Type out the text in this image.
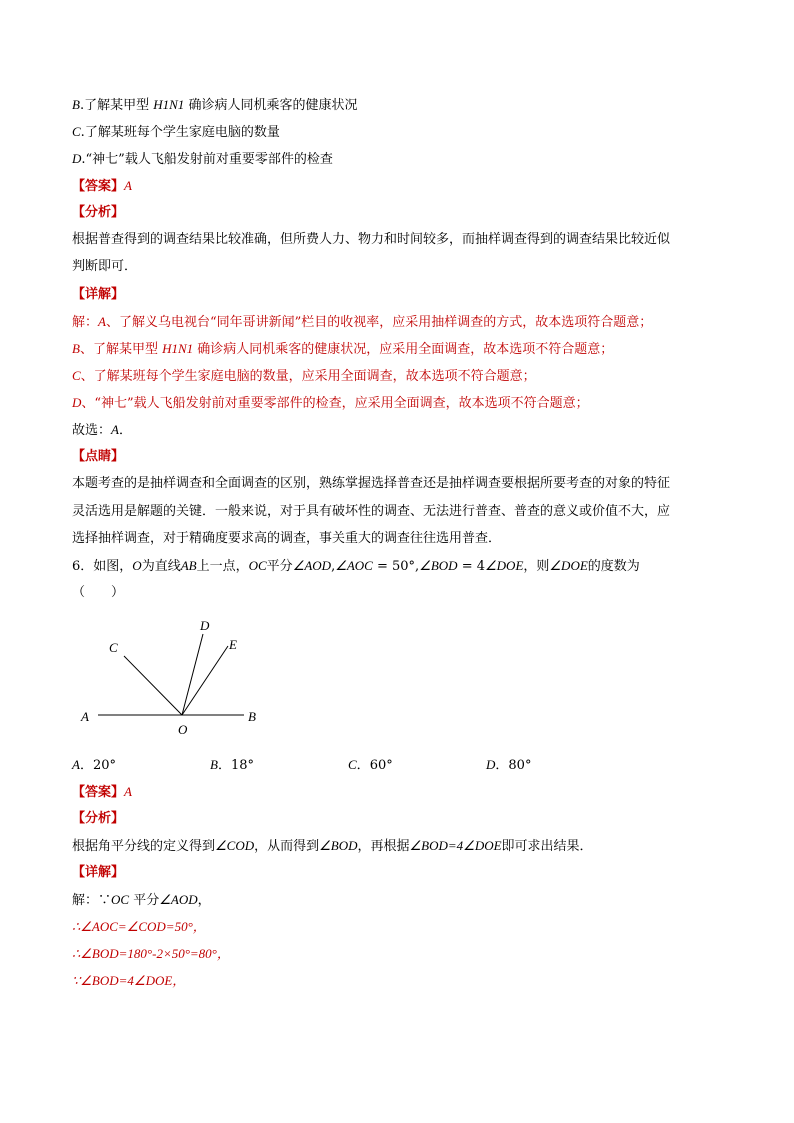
B.了解某甲型 H1N1 确诊病人同机乘客的健康状况
C.了解某班每个学生家庭电脑的数量
D.“神七”载人飞船发射前对重要零部件的检查
【答案】A
【分析】
根据普查得到的调查结果比较准确，但所费人力、物力和时间较多，而抽样调查得到的调查结果比较近似
判断即可．
【详解】
解：A、了解义乌电视台“同年哥讲新闻”栏目的收视率，应采用抽样调查的方式，故本选项符合题意；
B、了解某甲型 H1N1 确诊病人同机乘客的健康状况，应采用全面调查，故本选项不符合题意；
C、了解某班每个学生家庭电脑的数量，应采用全面调查，故本选项不符合题意；
D、“神七”载人飞船发射前对重要零部件的检查，应采用全面调查，故本选项不符合题意；
故选：A．
【点睛】
本题考查的是抽样调查和全面调查的区别，熟练掌握选择普查还是抽样调查要根据所要考查的对象的特征
灵活选用是解题的关键．一般来说，对于具有破坏性的调查、无法进行普查、普查的意义或价值不大，应
选择抽样调查，对于精确度要求高的调查，事关重大的调查往往选用普查．
6．如图，O为直线AB上一点，OC平分∠AOD,∠AOC = 50°,∠BOD = 4∠DOE，则∠DOE的度数为
（　　）
A	B
O
C
D
E
A．20°	B．18°	C．60°	D．80°
【答案】A
【分析】
根据角平分线的定义得到∠COD，从而得到∠BOD，再根据∠BOD=4∠DOE即可求出结果．
【详解】
解：∵OC 平分∠AOD，
∴∠AOC=∠COD=50°，
∴∠BOD=180°-2×50°=80°，
∵∠BOD=4∠DOE，
